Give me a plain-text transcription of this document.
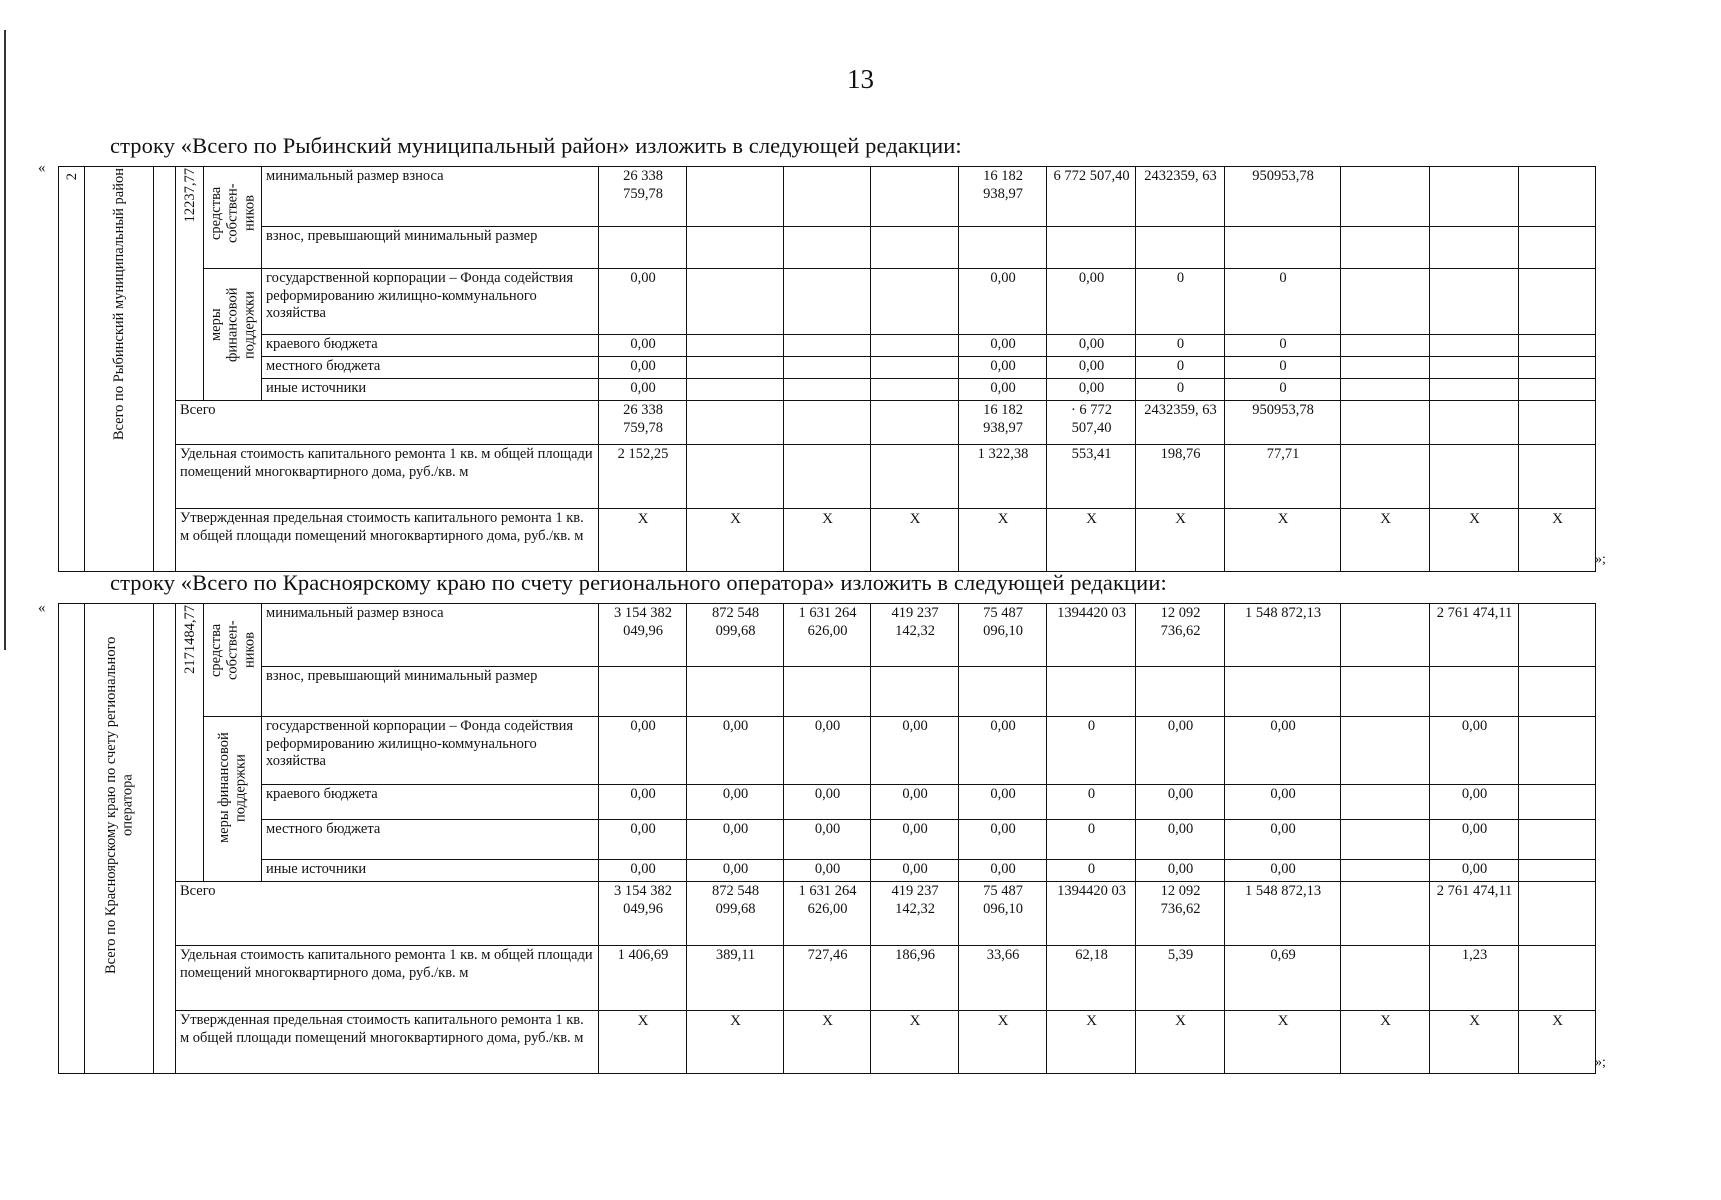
13
строку «Всего по Рыбинский муниципальный район» изложить в следующей редакции:
«
»;
2	Всего по Рыбинский муниципальный район		12237,77	средства собствен-ников	минимальный размер взноса	26 338 759,78				16 182 938,97	6 772 507,40	2432359, 63	950953,78			
					взнос, превышающий минимальный размер											
				меры финансовой поддержки	государственной корпорации – Фонда содействия реформированию жилищно-коммунального хозяйства	0,00				0,00	0,00	0	0			
					краевого бюджета	0,00				0,00	0,00	0	0			
					местного бюджета	0,00				0,00	0,00	0	0			
					иные источники	0,00				0,00	0,00	0	0			
			Всего			26 338 759,78				16 182 938,97	· 6 772 507,40	2432359, 63	950953,78			
			Удельная стоимость капитального ремонта 1 кв. м общей площади помещений многоквартирного дома, руб./кв. м			2 152,25				1 322,38	553,41	198,76	77,71			
			Утвержденная предельная стоимость капитального ремонта 1 кв. м общей площади помещений многоквартирного дома, руб./кв. м			X	X	X	X	X	X	X	X	X	X	X
строку «Всего по Красноярскому краю по счету регионального оператора» изложить в следующей редакции:
«
»;
	Всего по Красноярскому краю по счету регионального оператора		2171484,77	средства собствен-ников	минимальный размер взноса	3 154 382 049,96	872 548 099,68	1 631 264 626,00	419 237 142,32	75 487 096,10	1394420 03	12 092 736,62	1 548 872,13		2 761 474,11	
					взнос, превышающий минимальный размер											
				меры финансовой поддержки	государственной корпорации – Фонда содействия реформированию жилищно-коммунального хозяйства	0,00	0,00	0,00	0,00	0,00	0	0,00	0,00		0,00	
					краевого бюджета	0,00	0,00	0,00	0,00	0,00	0	0,00	0,00		0,00	
					местного бюджета	0,00	0,00	0,00	0,00	0,00	0	0,00	0,00		0,00	
					иные источники	0,00	0,00	0,00	0,00	0,00	0	0,00	0,00		0,00	
			Всего			3 154 382 049,96	872 548 099,68	1 631 264 626,00	419 237 142,32	75 487 096,10	1394420 03	12 092 736,62	1 548 872,13		2 761 474,11	
			Удельная стоимость капитального ремонта 1 кв. м общей площади помещений многоквартирного дома, руб./кв. м			1 406,69	389,11	727,46	186,96	33,66	62,18	5,39	0,69		1,23	
			Утвержденная предельная стоимость капитального ремонта 1 кв. м общей площади помещений многоквартирного дома, руб./кв. м			X	X	X	X	X	X	X	X	X	X	X
